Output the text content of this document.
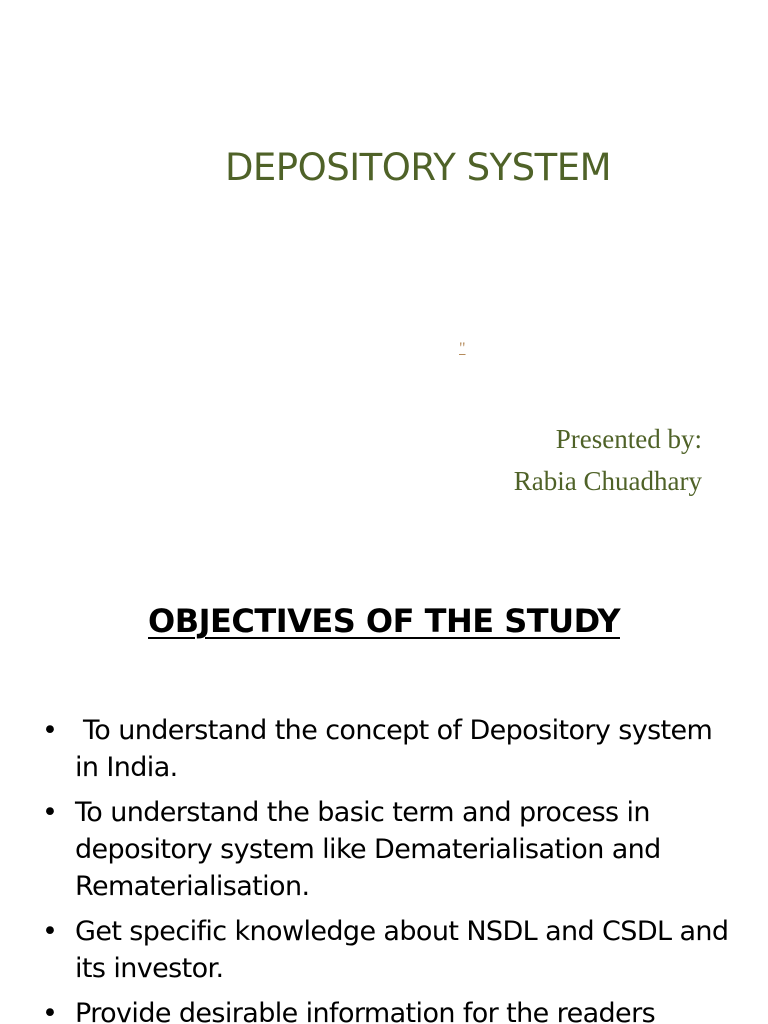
DEPOSITORY SYSTEM
"
Presented by:
Rabia Chuadhary
OBJECTIVES OF THE STUDY
• To understand the concept of Depository system in India.
• To understand the basic term and process in depository system like Dematerialisation and Rematerialisation.
• Get specific knowledge about NSDL and CSDL and its investor.
• Provide desirable information for the readers
